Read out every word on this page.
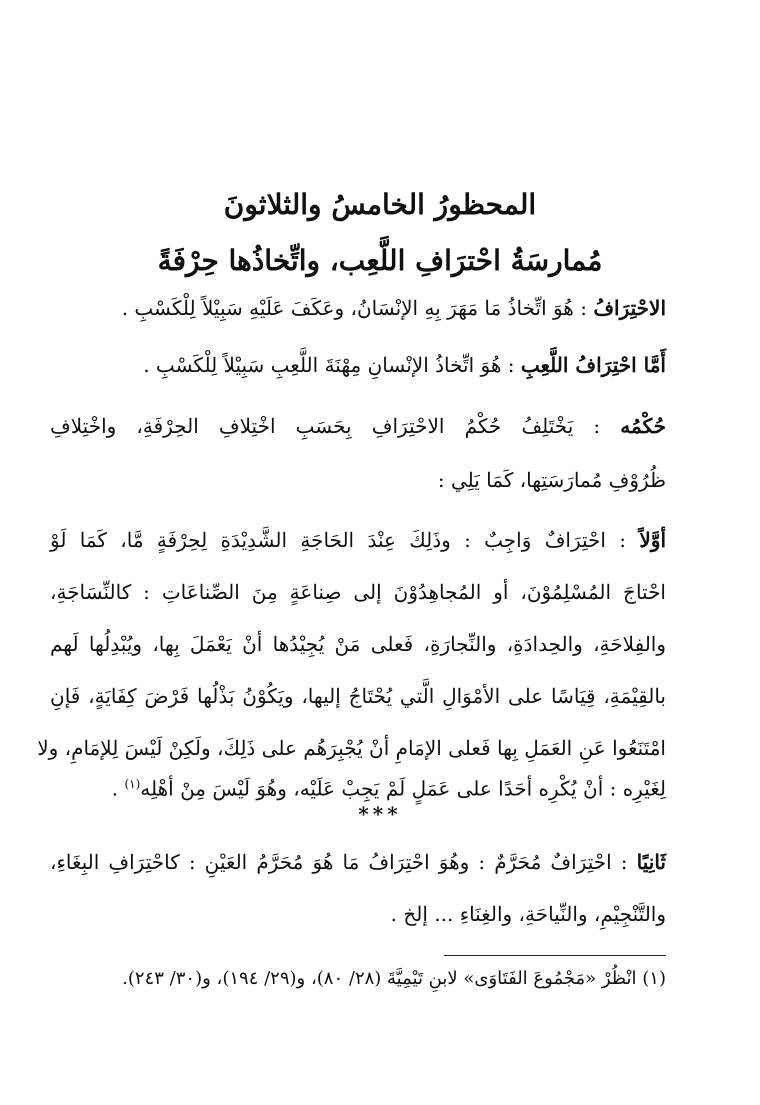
المحظورُ الخامسُ والثلاثونَ
مُمارسَةُ احْترَافِ اللَّعِب، واتِّخاذُها حِرْفَةً
الاحْتِرَافُ : هُوَ اتِّخاذُ مَا مَهَرَ بِهِ الإنْسَانُ، وعَكَفَ عَلَيْهِ سَبِيْلاً لِلْكَسْبِ .
أَمَّا احْتِرَافُ اللَّعِبِ : هُوَ اتِّخاذُ الإنْسانِ مِهْنَةَ اللَّعِبِ سَبِيْلاً لِلْكَسْبِ .
حُكْمُه : يَخْتَلِفُ حُكْمُ الاحْتِرَافِ بِحَسَبِ اخْتِلافِ الحِرْفَةِ، واخْتِلافِ
ظُرُوْفِ مُمارَسَتِها، كَمَا يَلِي :
أوَّلاً : احْتِرَافٌ وَاجِبٌ : وذَلِكَ عِنْدَ الحَاجَةِ الشَّدِيْدَةِ لِحِرْفَةٍ مَّا، كَمَا لَوْ
احْتاجَ المُسْلِمُوْنَ، أو المُجاهِدُوْنَ إلى صِناعَةٍ مِنَ الصِّناعَاتِ : كالنِّسَاجَةِ،
والفِلاحَةِ، والحِدادَةِ، والنِّجارَةِ، فَعلى مَنْ يُجِيْدُها أنْ يَعْمَلَ بِها، ويُبْدِلُها لَهم
بالقِيْمَةِ، قِيَاسًا على الأمْوَالِ الَّتي يُحْتَاجُ إليها، ويَكُوْنُ بَذْلُها فَرْضَ كِفَايَةٍ، فَإنِ
امْتَنَعُوا عَنِ العَمَلِ بِها فَعلى الإمَامِ أنْ يُجْبِرَهُم على ذَلِكَ، ولَكِنْ لَيْسَ لِلإمَامِ، ولا
لِغَيْرِه : أنْ يُكْرِه أحَدًا على عَمَلٍ لَمْ يَجِبْ عَلَيْه، وهُوَ لَيْسَ مِنْ أهْلِه$^{(١)}$ .
***
ثَانِيًا : احْتِرَافٌ مُحَرَّمٌ : وهُوَ احْتِرَافُ مَا هُوَ مُحَرَّمُ العَيْنِ : كاحْتِرَافِ البِغَاءِ،
والتَّنْجِيْمِ، والنِّياحَةِ، والغِنَاءِ ... إلخ .
(١) انْظُرْ «مَجْمُوعَ الفَتَاوَى» لابنِ تَيْمِيَّةَ (٢٨/ ٨٠)، و(٢٩/ ١٩٤)، و(٣٠/ ٢٤٣).
